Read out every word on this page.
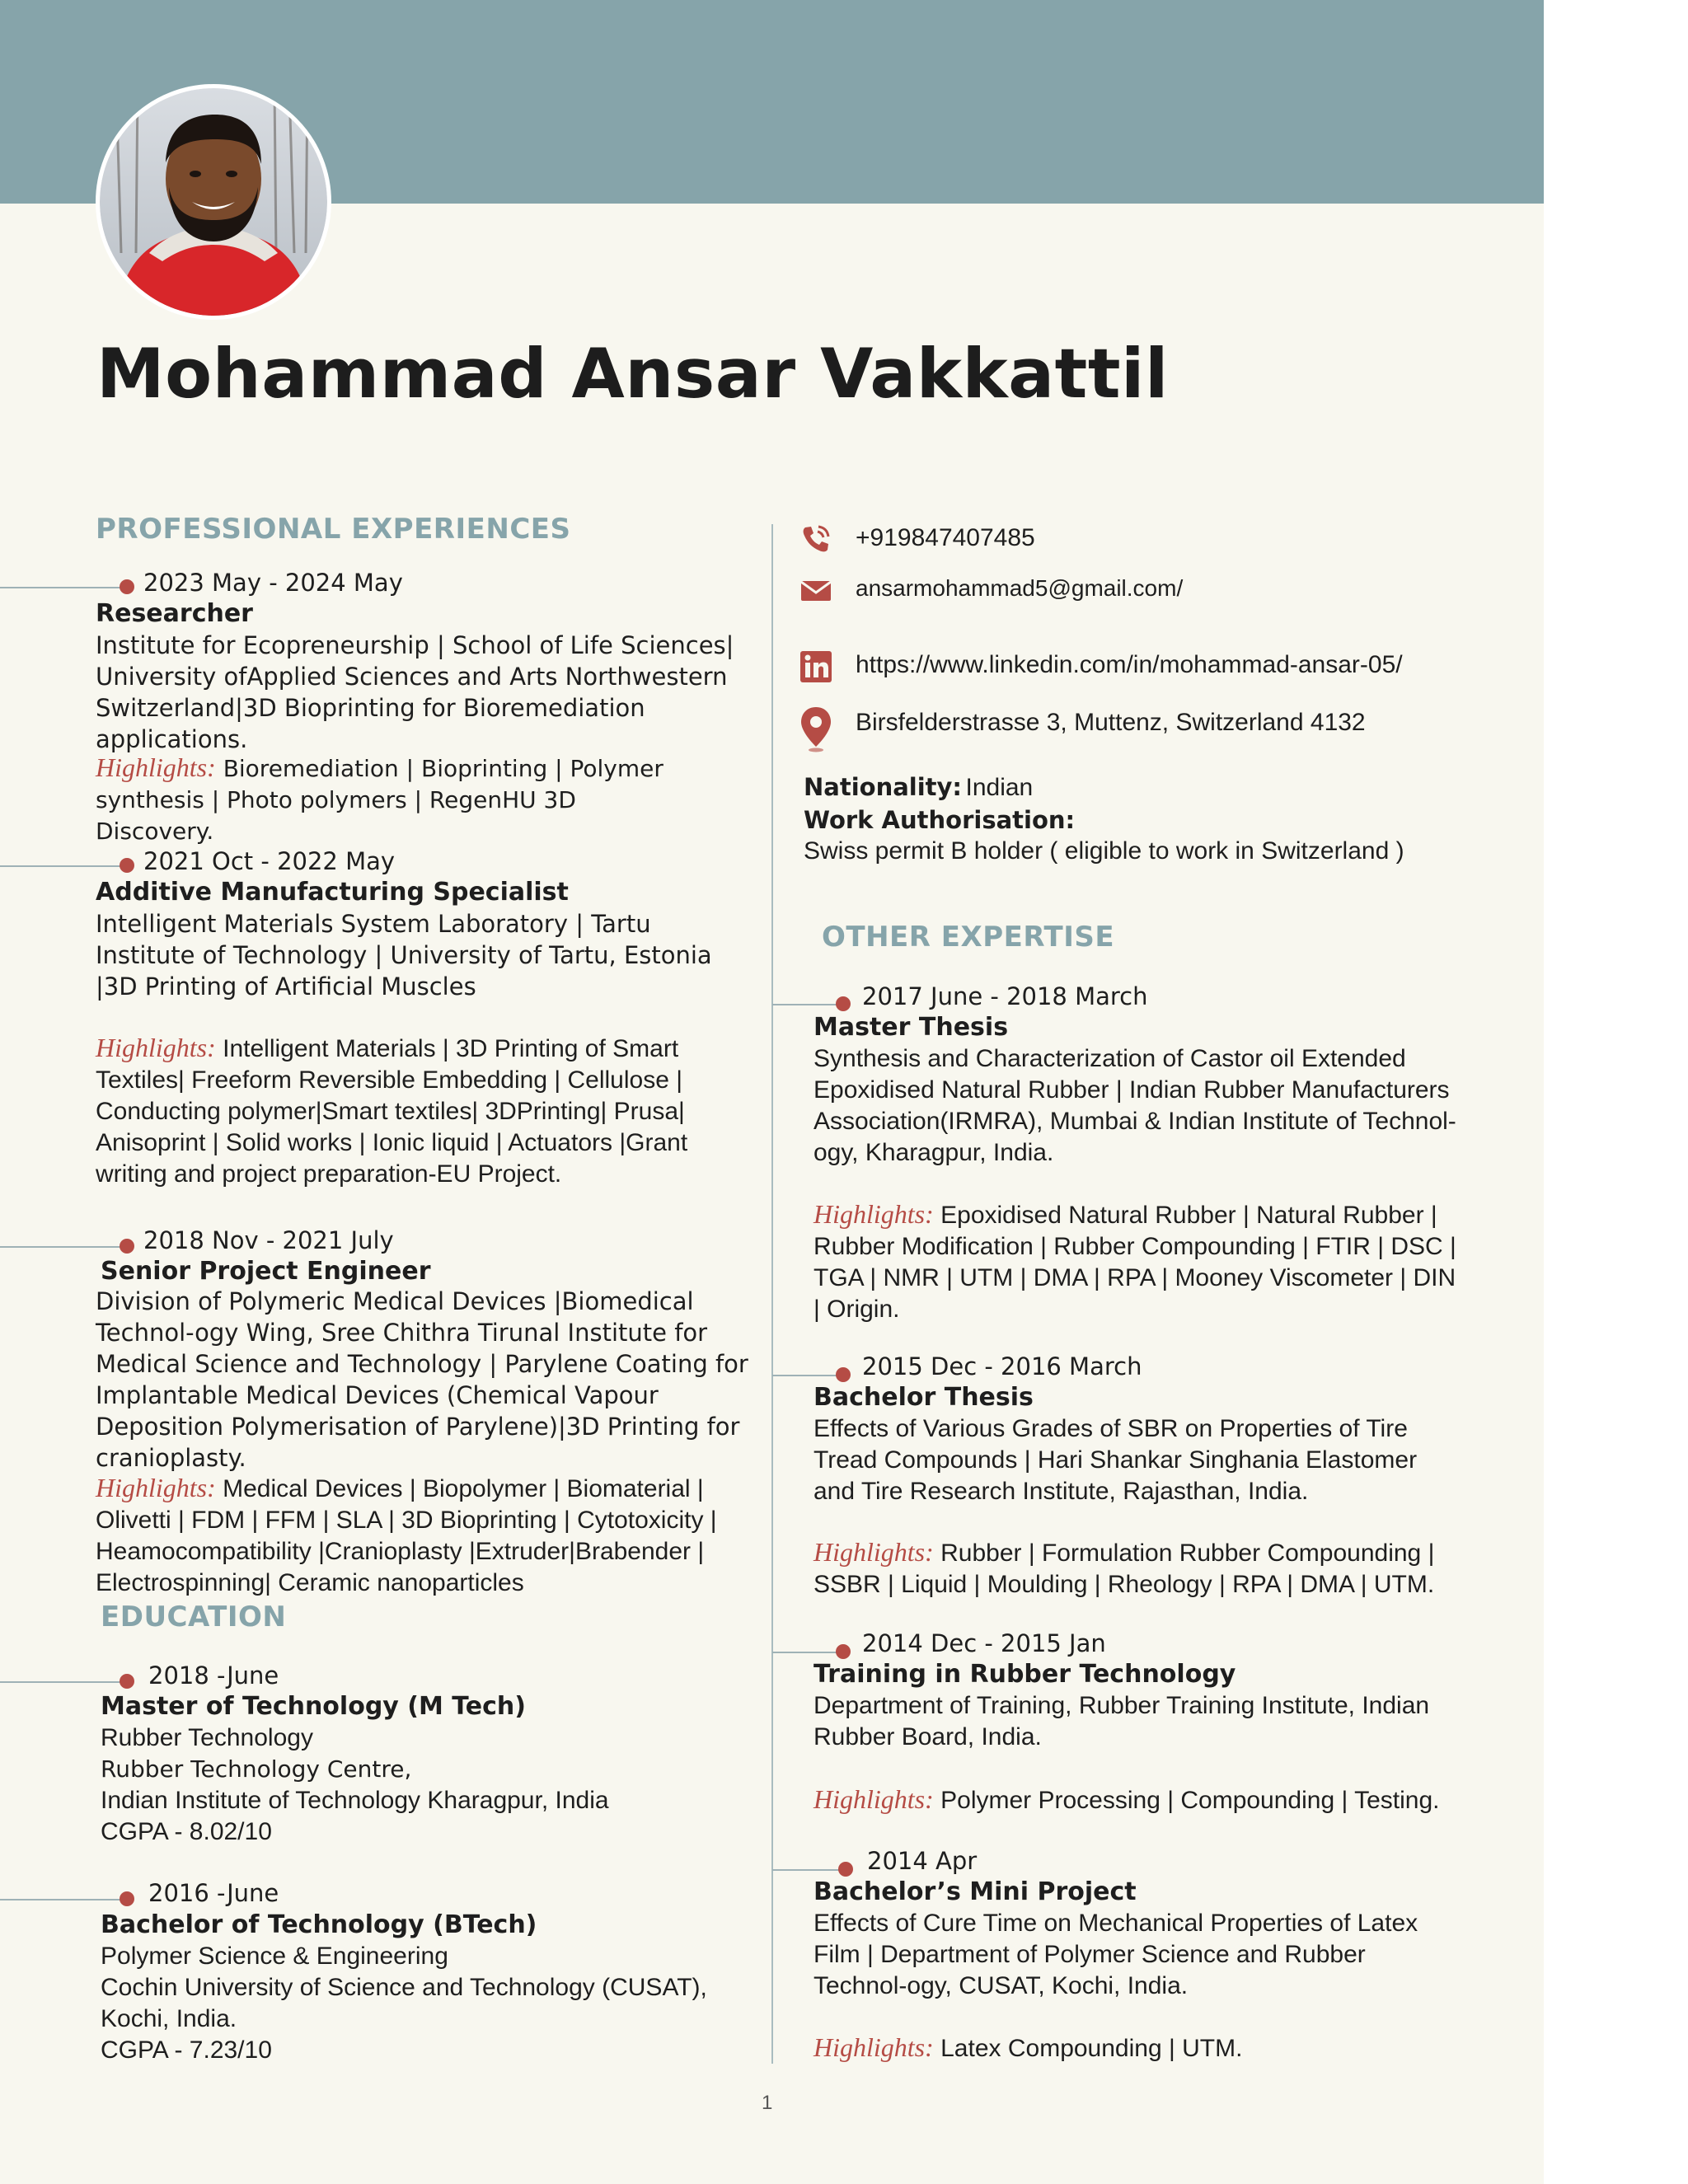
Mohammad Ansar Vakkattil
PROFESSIONAL EXPERIENCES
2023 May - 2024 May
Researcher
Institute for Ecopreneurship | School of Life Sciences| University ofApplied Sciences and Arts Northwestern Switzerland|3D Bioprinting for Bioremediation applications.
Highlights: Bioremediation | Bioprinting | Polymer synthesis | Photo polymers | RegenHU 3D Discovery.
2021 Oct - 2022 May
Additive Manufacturing Specialist
Intelligent Materials System Laboratory | Tartu Institute of Technology | University of Tartu, Estonia |3D Printing of Artificial Muscles
Highlights: Intelligent Materials | 3D Printing of Smart Textiles| Freeform Reversible Embedding | Cellulose | Conducting polymer|Smart textiles| 3DPrinting| Prusa| Anisoprint | Solid works | Ionic liquid | Actuators |Grant writing and project preparation-EU Project.
2018 Nov - 2021 July
Senior Project Engineer
Division of Polymeric Medical Devices |Biomedical Technol-ogy Wing, Sree Chithra Tirunal Institute for Medical Science and Technology | Parylene Coating for Implantable Medical Devices (Chemical Vapour Deposition Polymerisation of Parylene)|3D Printing for cranioplasty.
Highlights: Medical Devices | Biopolymer | Biomaterial | Olivetti | FDM | FFM | SLA | 3D Bioprinting | Cytotoxicity | Heamocompatibility |Cranioplasty |Extruder|Brabender | Electrospinning| Ceramic nanoparticles
EDUCATION
2018 -June
Master of Technology (M Tech)
Rubber Technology
Rubber Technology Centre,
Indian Institute of Technology Kharagpur, India
CGPA - 8.02/10
2016 -June
Bachelor of Technology (BTech)
Polymer Science & Engineering
Cochin University of Science and Technology (CUSAT),
Kochi, India.
CGPA - 7.23/10
+919847407485
ansarmohammad5@gmail.com/
https://www.linkedin.com/in/mohammad-ansar-05/
Birsfelderstrasse 3, Muttenz, Switzerland 4132
Nationality: Indian
Work Authorisation:
Swiss permit B holder ( eligible to work in Switzerland )
OTHER EXPERTISE
2017 June - 2018 March
Master Thesis
Synthesis and Characterization of Castor oil Extended Epoxidised Natural Rubber | Indian Rubber Manufacturers Association(IRMRA), Mumbai & Indian Institute of Technol-ogy, Kharagpur, India.
Highlights: Epoxidised Natural Rubber | Natural Rubber | Rubber Modification | Rubber Compounding | FTIR | DSC | TGA | NMR | UTM | DMA | RPA | Mooney Viscometer | DIN | Origin.
2015 Dec - 2016 March
Bachelor Thesis
Effects of Various Grades of SBR on Properties of Tire Tread Compounds | Hari Shankar Singhania Elastomer and Tire Research Institute, Rajasthan, India.
Highlights: Rubber | Formulation Rubber Compounding | SSBR | Liquid | Moulding | Rheology | RPA | DMA | UTM.
2014 Dec - 2015 Jan
Training in Rubber Technology
Department of Training, Rubber Training Institute, Indian Rubber Board, India.
Highlights: Polymer Processing | Compounding | Testing.
2014 Apr
Bachelor’s Mini Project
Effects of Cure Time on Mechanical Properties of Latex Film | Department of Polymer Science and Rubber Technol-ogy, CUSAT, Kochi, India.
Highlights: Latex Compounding | UTM.
1
